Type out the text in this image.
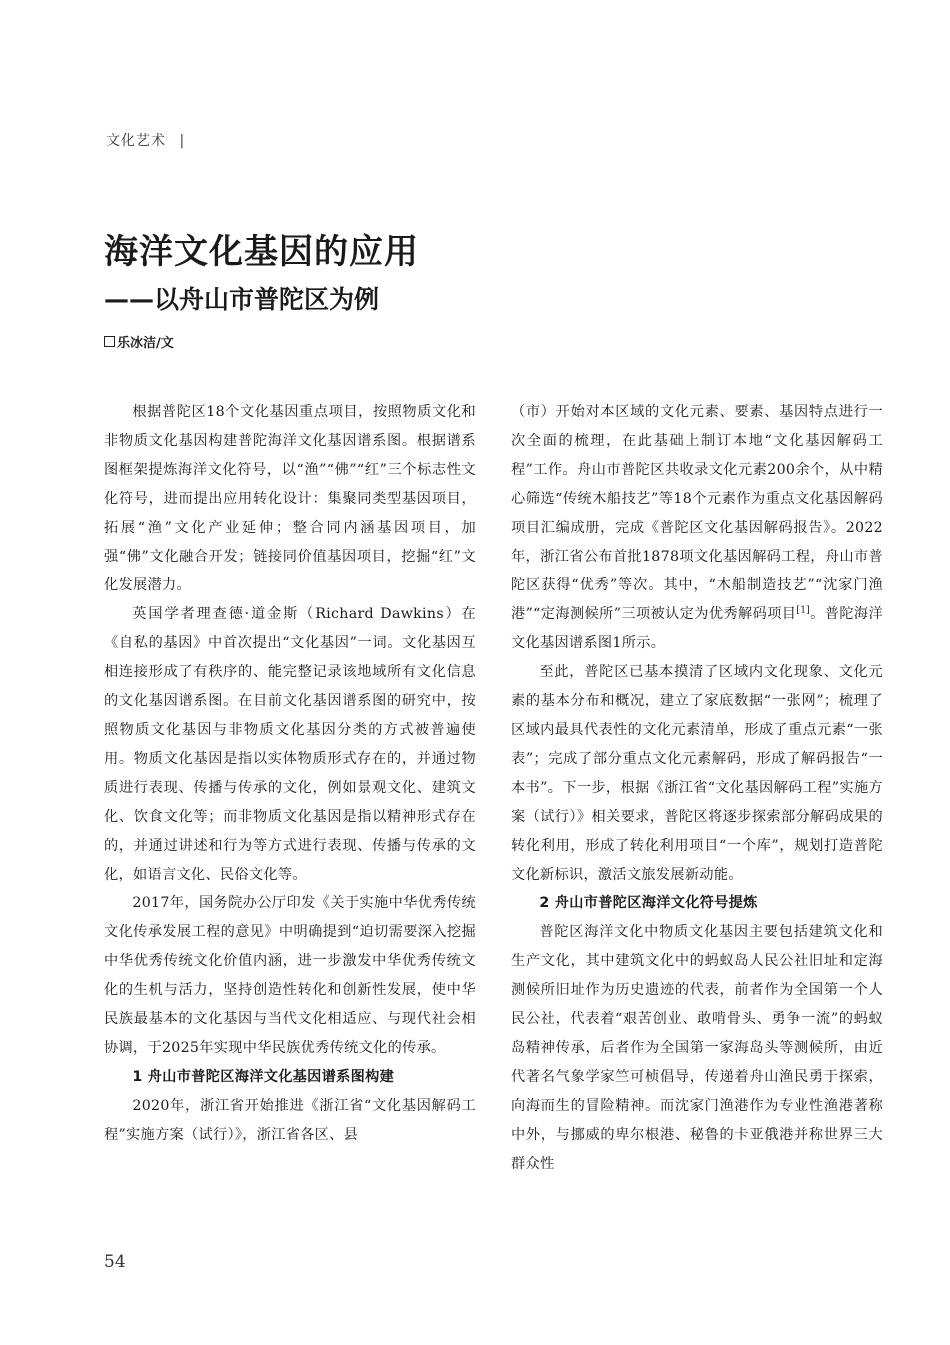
文化艺术 |
海洋文化基因的应用
——以舟山市普陀区为例
乐冰洁/文

根据普陀区18个文化基因重点项目，按照物质文化和非物质文化基因构建普陀海洋文化基因谱系图。根据谱系图框架提炼海洋文化符号，以“渔”“佛”“红”三个标志性文化符号，进而提出应用转化设计：集聚同类型基因项目，拓展“渔”文化产业延伸；整合同内涵基因项目，加强“佛”文化融合开发；链接同价值基因项目，挖掘“红”文化发展潜力。

英国学者理查德·道金斯（Richard Dawkins）在《自私的基因》中首次提出“文化基因”一词。文化基因互相连接形成了有秩序的、能完整记录该地域所有文化信息的文化基因谱系图。在目前文化基因谱系图的研究中，按照物质文化基因与非物质文化基因分类的方式被普遍使用。物质文化基因是指以实体物质形式存在的，并通过物质进行表现、传播与传承的文化，例如景观文化、建筑文化、饮食文化等；而非物质文化基因是指以精神形式存在的，并通过讲述和行为等方式进行表现、传播与传承的文化，如语言文化、民俗文化等。

2017年，国务院办公厅印发《关于实施中华优秀传统文化传承发展工程的意见》中明确提到“迫切需要深入挖掘中华优秀传统文化价值内涵，进一步激发中华优秀传统文化的生机与活力，坚持创造性转化和创新性发展，使中华民族最基本的文化基因与当代文化相适应、与现代社会相协调，于2025年实现中华民族优秀传统文化的传承。

1 舟山市普陀区海洋文化基因谱系图构建

2020年，浙江省开始推进《浙江省“文化基因解码工程”实施方案（试行）》，浙江省各区、县

（市）开始对本区域的文化元素、要素、基因特点进行一次全面的梳理，在此基础上制订本地“文化基因解码工程”工作。舟山市普陀区共收录文化元素200余个，从中精心筛选“传统木船技艺”等18个元素作为重点文化基因解码项目汇编成册，完成《普陀区文化基因解码报告》。2022年，浙江省公布首批1878项文化基因解码工程，舟山市普陀区获得“优秀”等次。其中，“木船制造技艺”“沈家门渔港”“定海测候所”三项被认定为优秀解码项目[1]。普陀海洋文化基因谱系图1所示。

至此，普陀区已基本摸清了区域内文化现象、文化元素的基本分布和概况，建立了家底数据“一张网”；梳理了区域内最具代表性的文化元素清单，形成了重点元素“一张表”；完成了部分重点文化元素解码，形成了解码报告“一本书”。下一步，根据《浙江省“文化基因解码工程”实施方案（试行）》相关要求，普陀区将逐步探索部分解码成果的转化利用，形成了转化利用项目“一个库”，规划打造普陀文化新标识，激活文旅发展新动能。

2 舟山市普陀区海洋文化符号提炼

普陀区海洋文化中物质文化基因主要包括建筑文化和生产文化，其中建筑文化中的蚂蚁岛人民公社旧址和定海测候所旧址作为历史遗迹的代表，前者作为全国第一个人民公社，代表着“艰苦创业、敢啃骨头、勇争一流”的蚂蚁岛精神传承，后者作为全国第一家海岛头等测候所，由近代著名气象学家竺可桢倡导，传递着舟山渔民勇于探索，向海而生的冒险精神。而沈家门渔港作为专业性渔港著称中外，与挪威的卑尔根港、秘鲁的卡亚俄港并称世界三大群众性

54
